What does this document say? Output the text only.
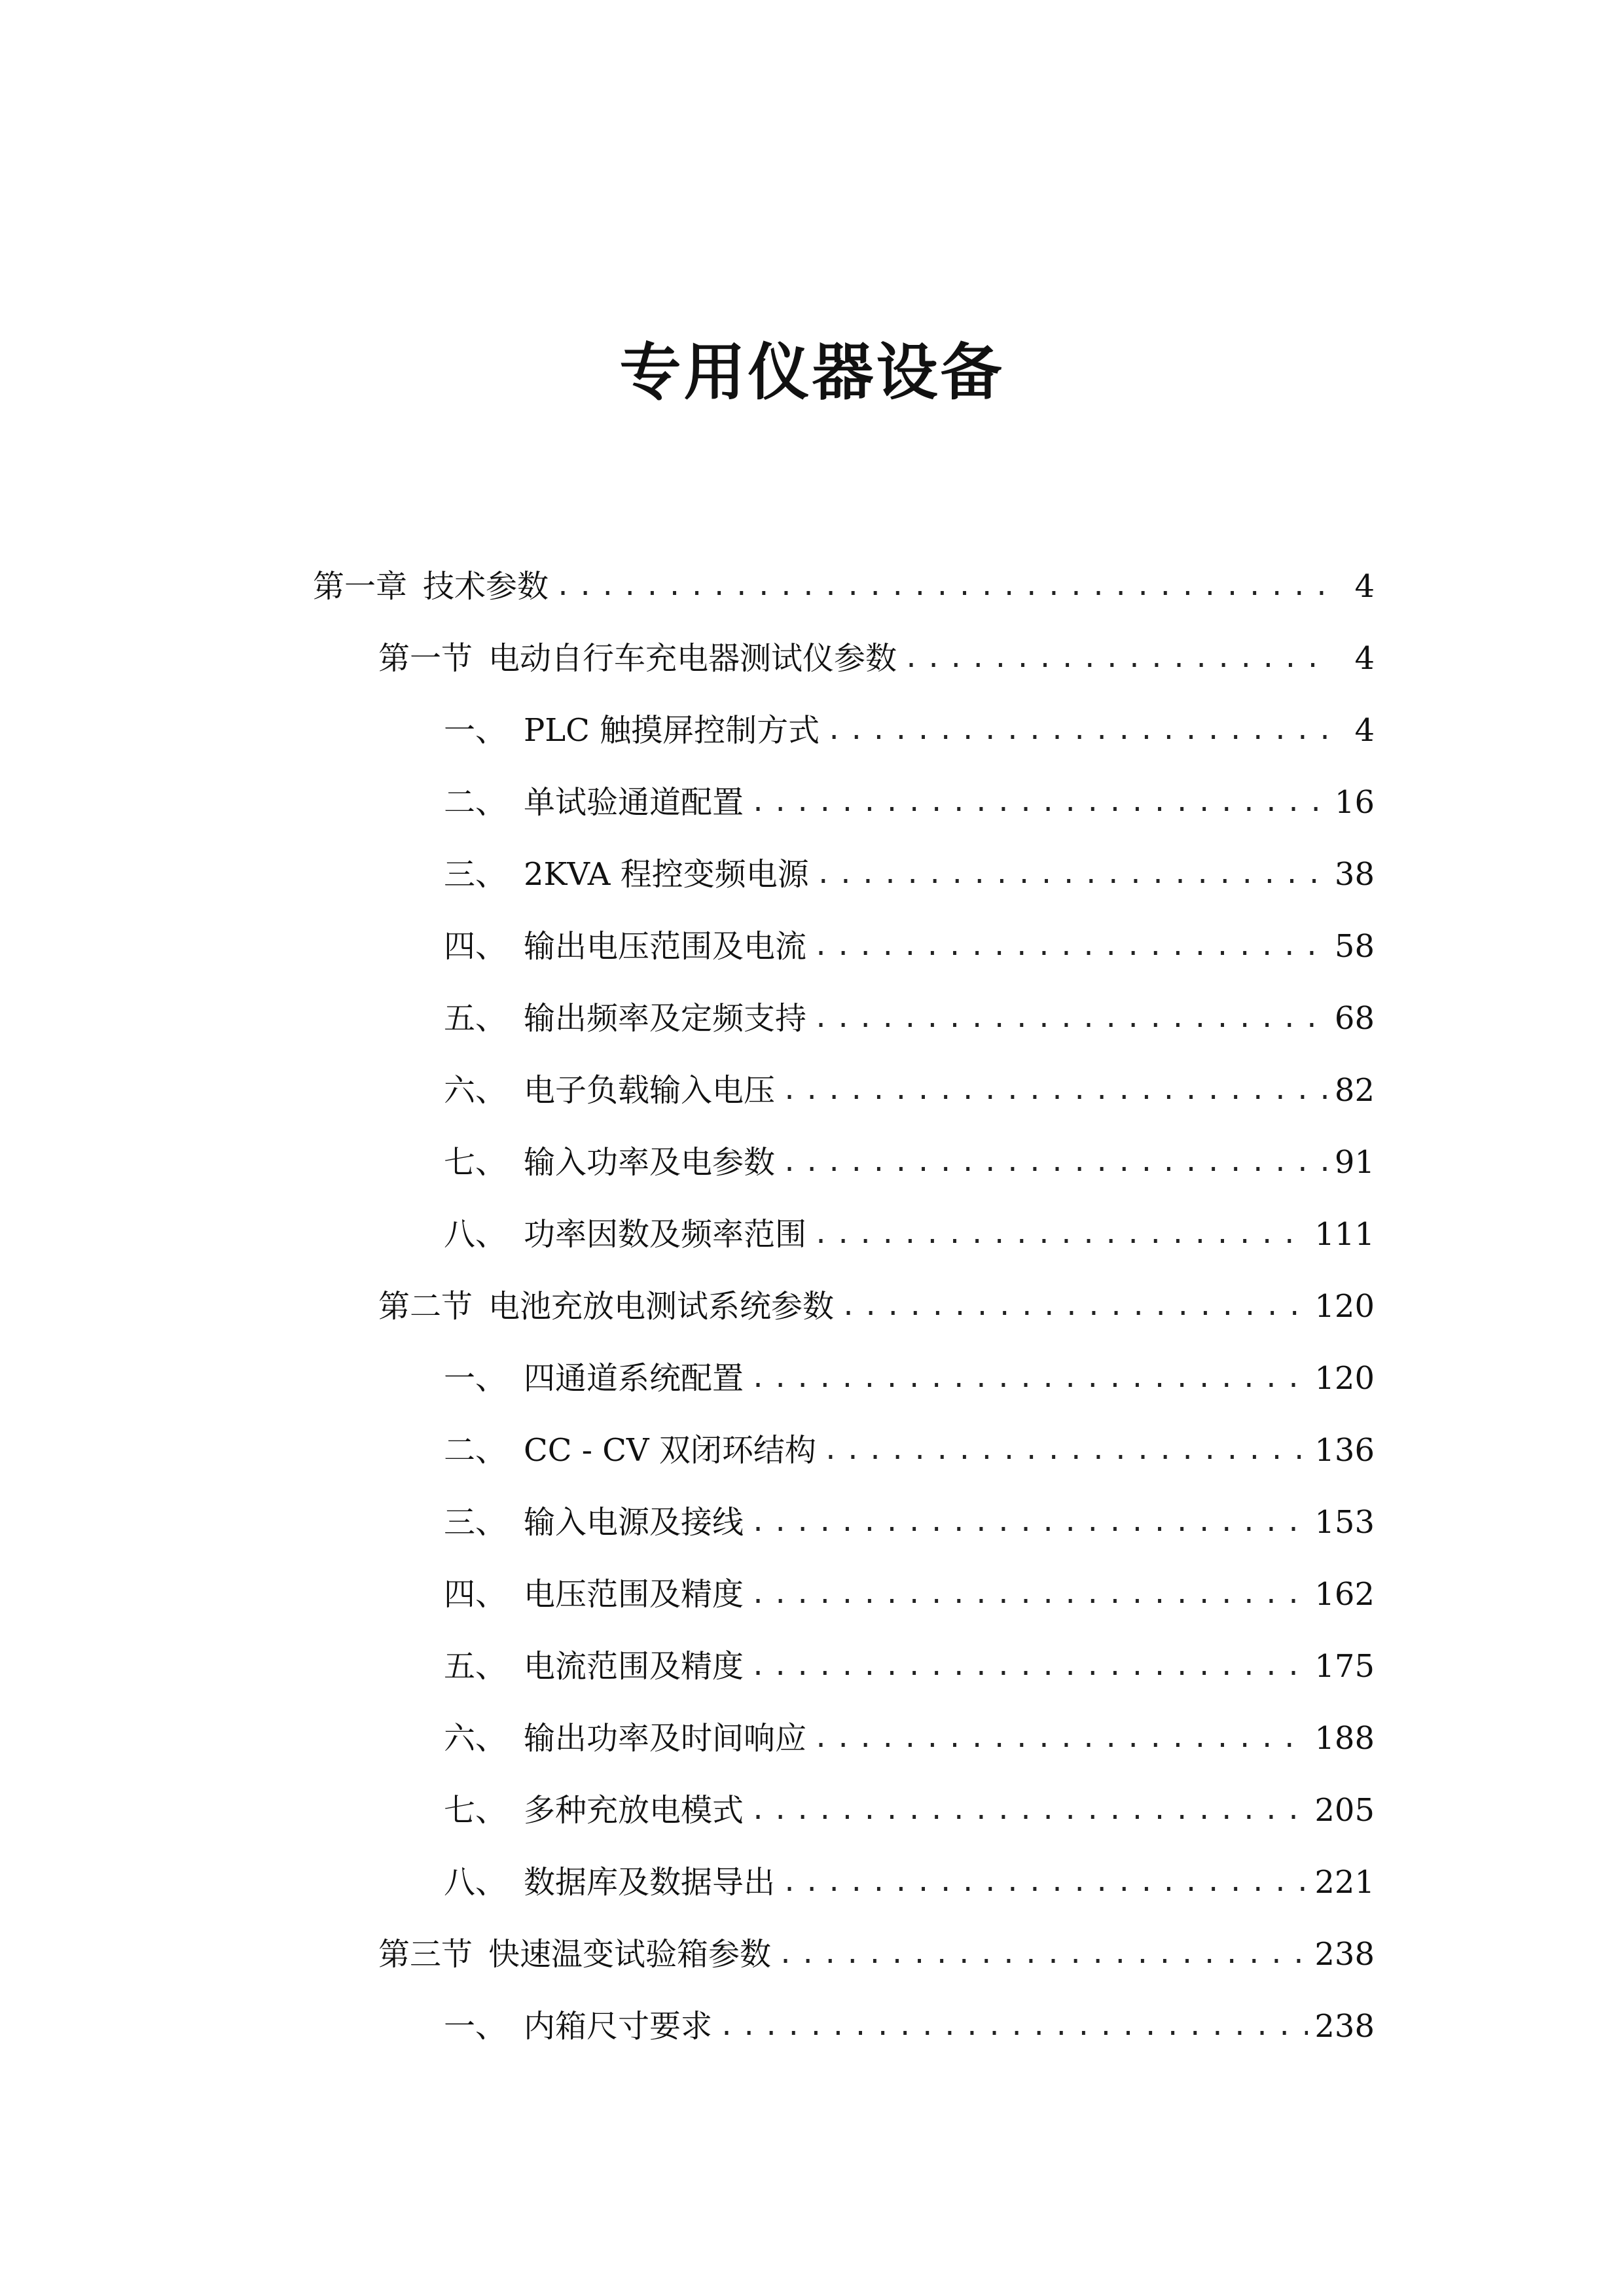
专用仪器设备
第一章 技术参数 .....	4
第一节 电动自行车充电器测试仪参数 .....	4
一、 PLC 触摸屏控制方式 .....	4
二、 单试验通道配置 .....	16
三、 2KVA 程控变频电源 .....	38
四、 输出电压范围及电流 .....	58
五、 输出频率及定频支持 .....	68
六、 电子负载输入电压 .....	82
七、 输入功率及电参数 .....	91
八、 功率因数及频率范围 .....	111
第二节 电池充放电测试系统参数 .....	120
一、 四通道系统配置 .....	120
二、 CC - CV 双闭环结构 .....	136
三、 输入电源及接线 .....	153
四、 电压范围及精度 .....	162
五、 电流范围及精度 .....	175
六、 输出功率及时间响应 .....	188
七、 多种充放电模式 .....	205
八、 数据库及数据导出 .....	221
第三节 快速温变试验箱参数 .....	238
一、 内箱尺寸要求 .....	238
